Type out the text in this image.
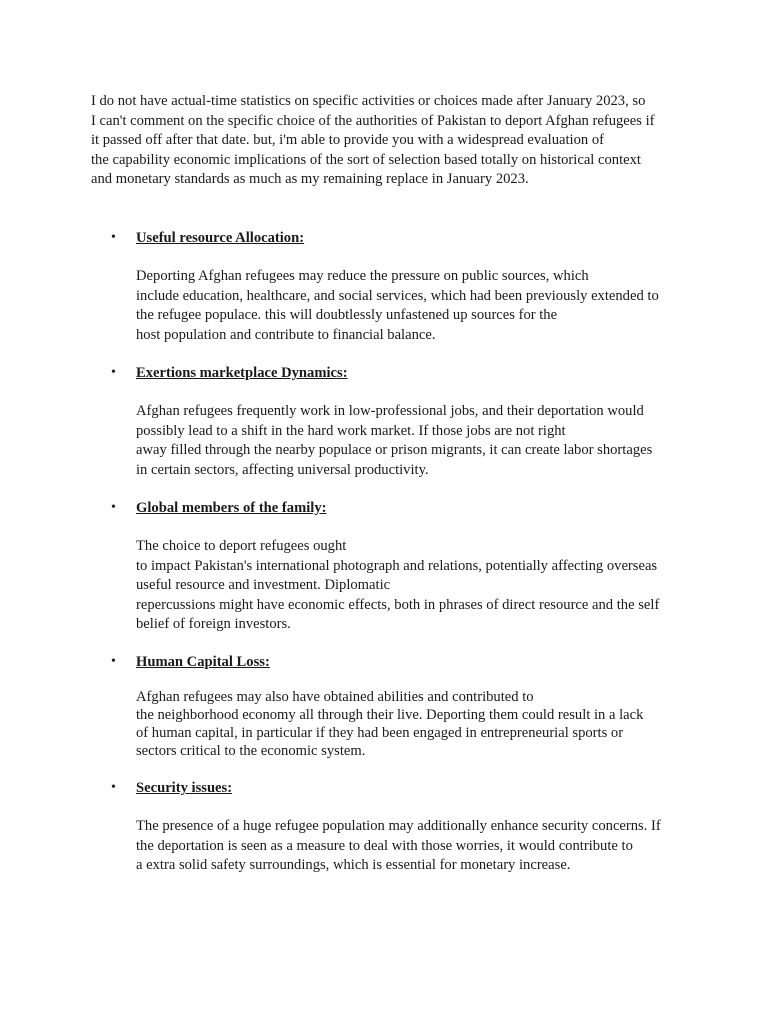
I do not have actual-time statistics on specific activities or choices made after January 2023, so
I can't comment on the specific choice of the authorities of Pakistan to deport Afghan refugees if
it passed off after that date. but, i'm able to provide you with a widespread evaluation of
the capability economic implications of the sort of selection based totally on historical context
and monetary standards as much as my remaining replace in January 2023.
• Useful resource Allocation:
Deporting Afghan refugees may reduce the pressure on public sources, which
include education, healthcare, and social services, which had been previously extended to
the refugee populace. this will doubtlessly unfastened up sources for the
host population and contribute to financial balance.
• Exertions marketplace Dynamics:
Afghan refugees frequently work in low-professional jobs, and their deportation would
possibly lead to a shift in the hard work market. If those jobs are not right
away filled through the nearby populace or prison migrants, it can create labor shortages
in certain sectors, affecting universal productivity.
• Global members of the family:
The choice to deport refugees ought
to impact Pakistan's international photograph and relations, potentially affecting overseas
useful resource and investment. Diplomatic
repercussions might have economic effects, both in phrases of direct resource and the self
belief of foreign investors.
• Human Capital Loss:
Afghan refugees may also have obtained abilities and contributed to
the neighborhood economy all through their live. Deporting them could result in a lack
of human capital, in particular if they had been engaged in entrepreneurial sports or
sectors critical to the economic system.
• Security issues:
The presence of a huge refugee population may additionally enhance security concerns. If
the deportation is seen as a measure to deal with those worries, it would contribute to
a extra solid safety surroundings, which is essential for monetary increase.
